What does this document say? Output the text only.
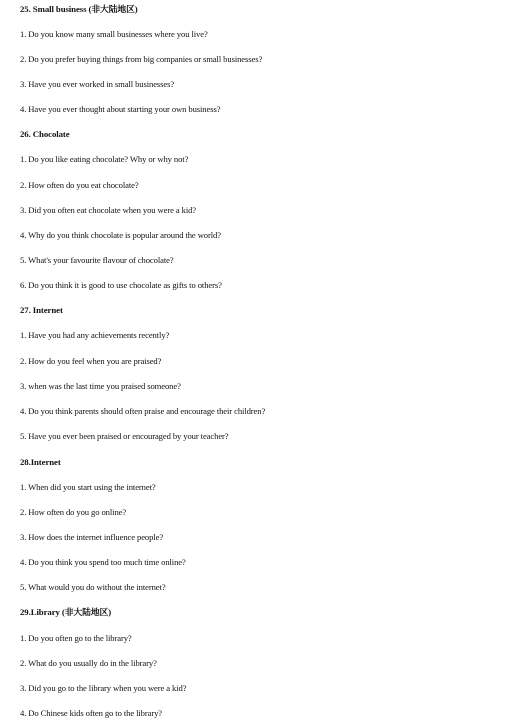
25. Small business (非大陆地区)
1. Do you know many small businesses where you live?
2. Do you prefer buying things from big companies or small businesses?
3. Have you ever worked in small businesses?
4. Have you ever thought about starting your own business?
26. Chocolate
1. Do you like eating chocolate? Why or why not?
2. How often do you eat chocolate?
3. Did you often eat chocolate when you were a kid?
4. Why do you think chocolate is popular around the world?
5. What's your favourite flavour of chocolate?
6. Do you think it is good to use chocolate as gifts to others?
27. Internet
1. Have you had any achievements recently?
2. How do you feel when you are praised?
3. when was the last time you praised someone?
4. Do you think parents should often praise and encourage their children?
5. Have you ever been praised or encouraged by your teacher?
28.Internet
1. When did you start using the internet?
2. How often do you go online?
3. How does the internet influence people?
4. Do you think you spend too much time online?
5. What would you do without the internet?
29.Library (非大陆地区)
1. Do you often go to the library?
2. What do you usually do in the library?
3. Did you go to the library when you were a kid?
4. Do Chinese kids often go to the library?
